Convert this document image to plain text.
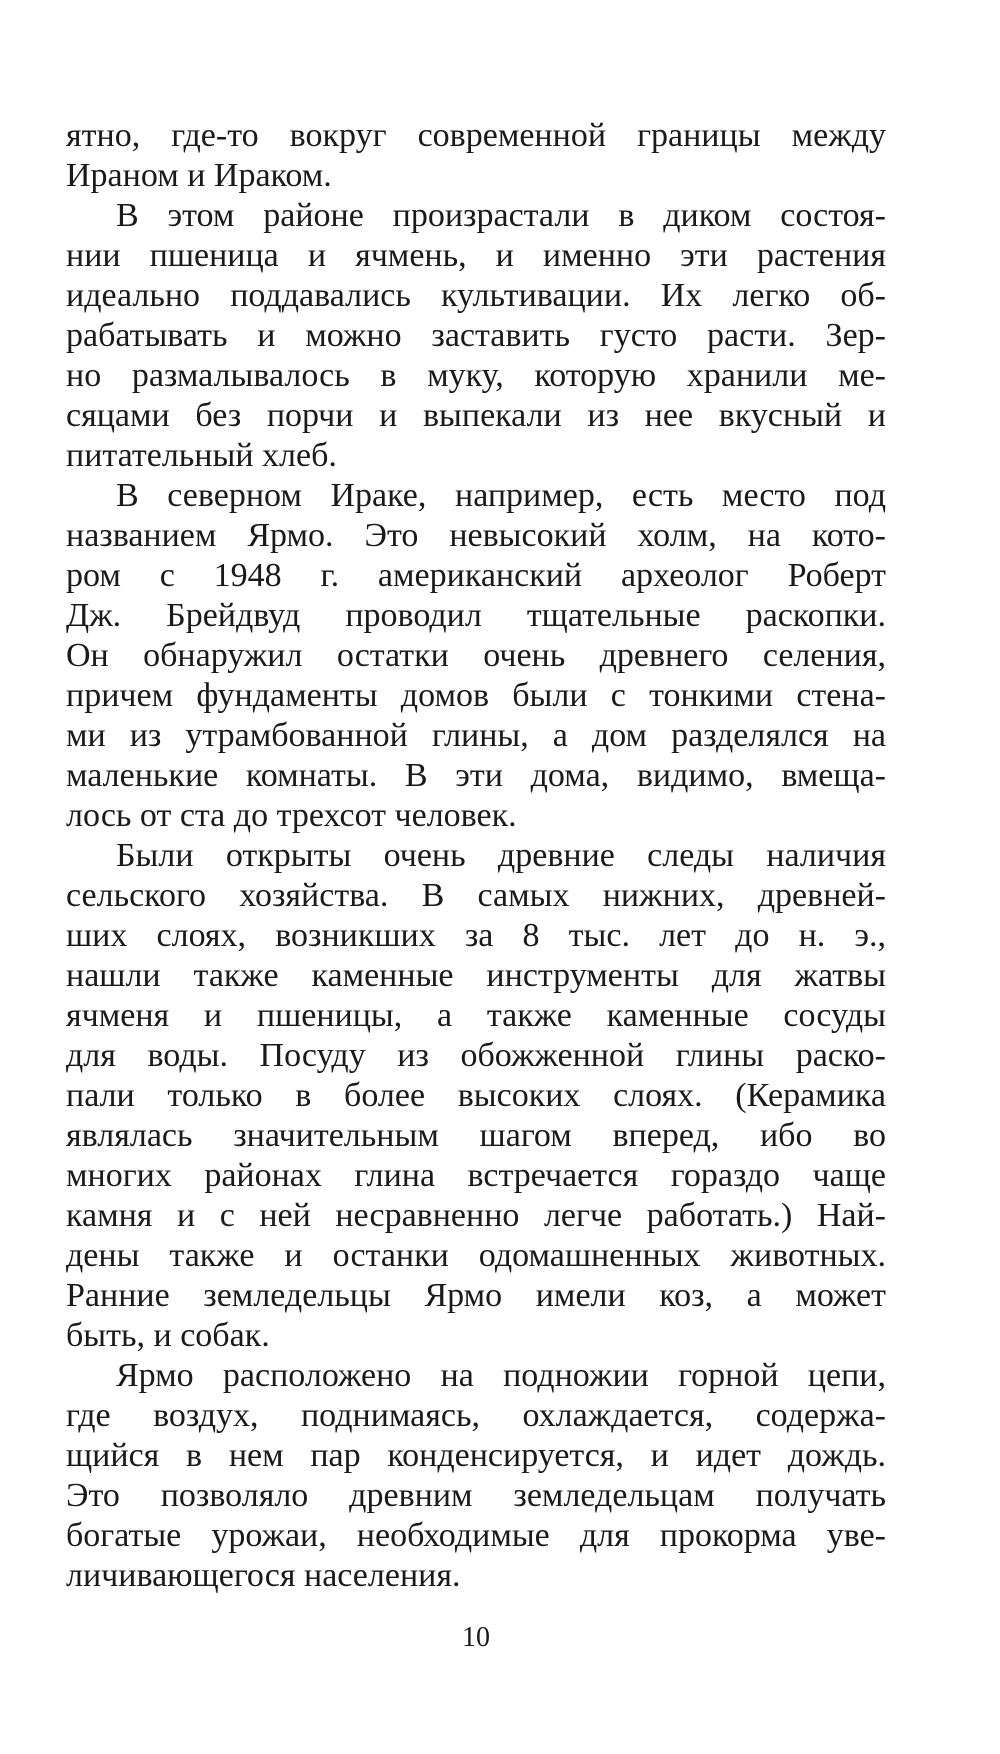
ятно, где-то вокруг современной границы между
Ираном и Ираком.
В этом районе произрастали в диком состоя-
нии пшеница и ячмень, и именно эти растения
идеально поддавались культивации. Их легко об-
рабатывать и можно заставить густо расти. Зер-
но размалывалось в муку, которую хранили ме-
сяцами без порчи и выпекали из нее вкусный и
питательный хлеб.
В северном Ираке, например, есть место под
названием Ярмо. Это невысокий холм, на кото-
ром с 1948 г. американский археолог Роберт
Дж. Брейдвуд проводил тщательные раскопки.
Он обнаружил остатки очень древнего селения,
причем фундаменты домов были с тонкими стена-
ми из утрамбованной глины, а дом разделялся на
маленькие комнаты. В эти дома, видимо, вмеща-
лось от ста до трехсот человек.
Были открыты очень древние следы наличия
сельского хозяйства. В самых нижних, древней-
ших слоях, возникших за 8 тыс. лет до н. э.,
нашли также каменные инструменты для жатвы
ячменя и пшеницы, а также каменные сосуды
для воды. Посуду из обожженной глины раско-
пали только в более высоких слоях. (Керамика
являлась значительным шагом вперед, ибо во
многих районах глина встречается гораздо чаще
камня и с ней несравненно легче работать.) Най-
дены также и останки одомашненных животных.
Ранние земледельцы Ярмо имели коз, а может
быть, и собак.
Ярмо расположено на подножии горной цепи,
где воздух, поднимаясь, охлаждается, содержа-
щийся в нем пар конденсируется, и идет дождь.
Это позволяло древним земледельцам получать
богатые урожаи, необходимые для прокорма уве-
личивающегося населения.
10
